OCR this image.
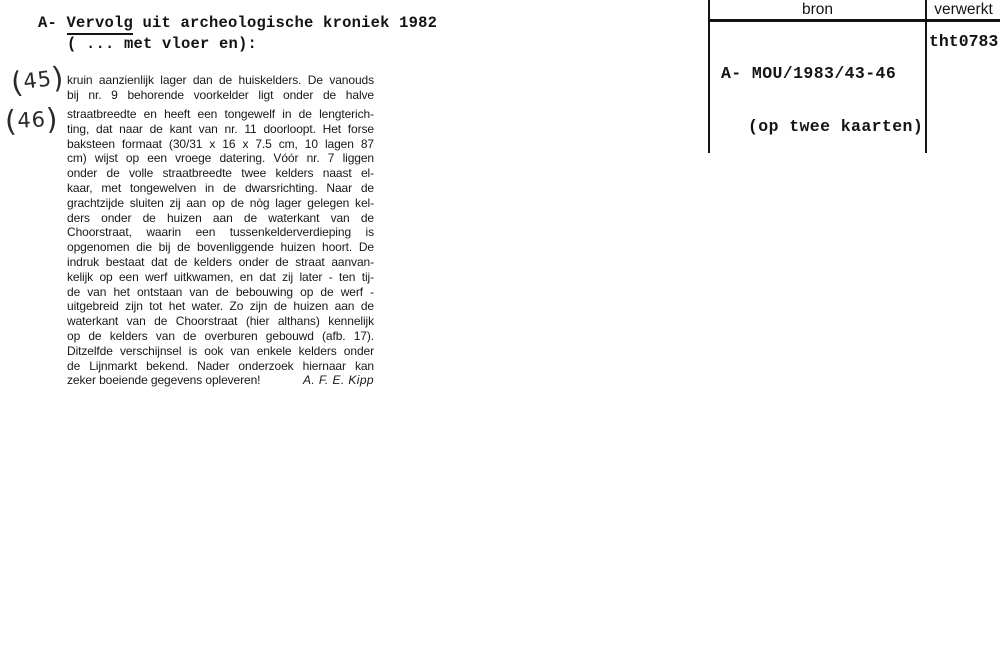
A- Vervolg uit archeologische kroniek 1982
( ... met vloer en):
(45)
(46)
kruin aanzienlijk lager dan de huiskelders. De vanouds
bij nr. 9 behorende voorkelder ligt onder de halve
straatbreedte en heeft een tongewelf in de lengterich-
ting, dat naar de kant van nr. 11 doorloopt. Het forse
baksteen formaat (30/31 x 16 x 7.5 cm, 10 lagen 87
cm) wijst op een vroege datering. Vóór nr. 7 liggen
onder de volle straatbreedte twee kelders naast el-
kaar, met tongewelven in de dwarsrichting. Naar de
grachtzijde sluiten zij aan op de nòg lager gelegen kel-
ders onder de huizen aan de waterkant van de
Choorstraat, waarin een tussenkelderverdieping is
opgenomen die bij de bovenliggende huizen hoort. De
indruk bestaat dat de kelders onder de straat aanvan-
kelijk op een werf uitkwamen, en dat zij later - ten tij-
de van het ontstaan van de bebouwing op de werf -
uitgebreid zijn tot het water. Zo zijn de huizen aan de
waterkant van de Choorstraat (hier althans) kennelijk
op de kelders van de overburen gebouwd (afb. 17).
Ditzelfde verschijnsel is ook van enkele kelders onder
de Lijnmarkt bekend. Nader onderzoek hiernaar kan
zeker boeiende gegevens opleveren!	A. F. E. Kipp
bron	verwerkt

A- MOU/1983/43-46

(op twee kaarten)

tht0783
